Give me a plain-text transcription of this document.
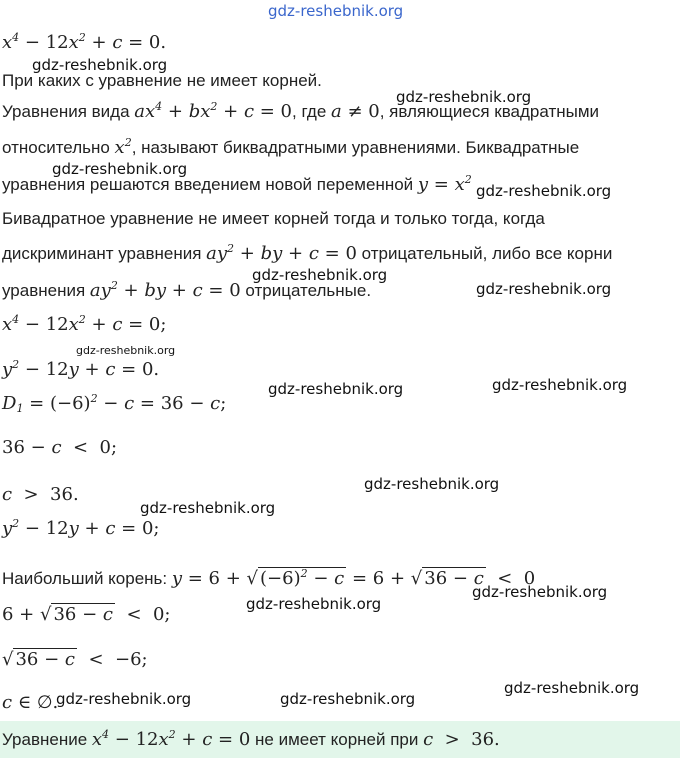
gdz-reshebnik.org
$x^4 - 12x^2 + c = 0$.
gdz-reshebnik.org
При каких c уравнение не имеет корней.
gdz-reshebnik.org
Уравнения вида $ax^4 + bx^2 + c = 0$, где a ≠ 0, являющиеся квадратными
относительно $x^2$, называют биквадратными уравнениями. Биквадратные
gdz-reshebnik.org
уравнения решаются введением новой переменной $y = x^2$
gdz-reshebnik.org
Бивадратное уравнение не имеет корней тогда и только тогда, когда
дискриминант уравнения $ay^2$ + by + c = 0 отрицательный, либо все корни
gdz-reshebnik.org
уравнения $ay^2$ + by + c = 0 отрицательные.	gdz-reshebnik.org
$x^4 - 12x^2 + c = 0$;
gdz-reshebnik.org
$y^2 - 12y + c = 0$.
gdz-reshebnik.org	gdz-reshebnik.org
$D_1 = (-6)^2 - c = 36 - c$;
36 − c  <  0;
gdz-reshebnik.org
c  >  36.
gdz-reshebnik.org
$y^2 - 12y + c = 0$;
Наибольший корень: y = 6 + √ $(-6)^2 - c = 6$ + √ 36 − c  <  0
gdz-reshebnik.org
gdz-reshebnik.org
6 + √ 36 − c  <  0;
√ 36 − c  <  −6;
gdz-reshebnik.org
c ∈ ∅.
gdz-reshebnik.org	gdz-reshebnik.org
Уравнение $x^4 - 12x^2 + c = 0$ не имеет корней при c  >  36.
